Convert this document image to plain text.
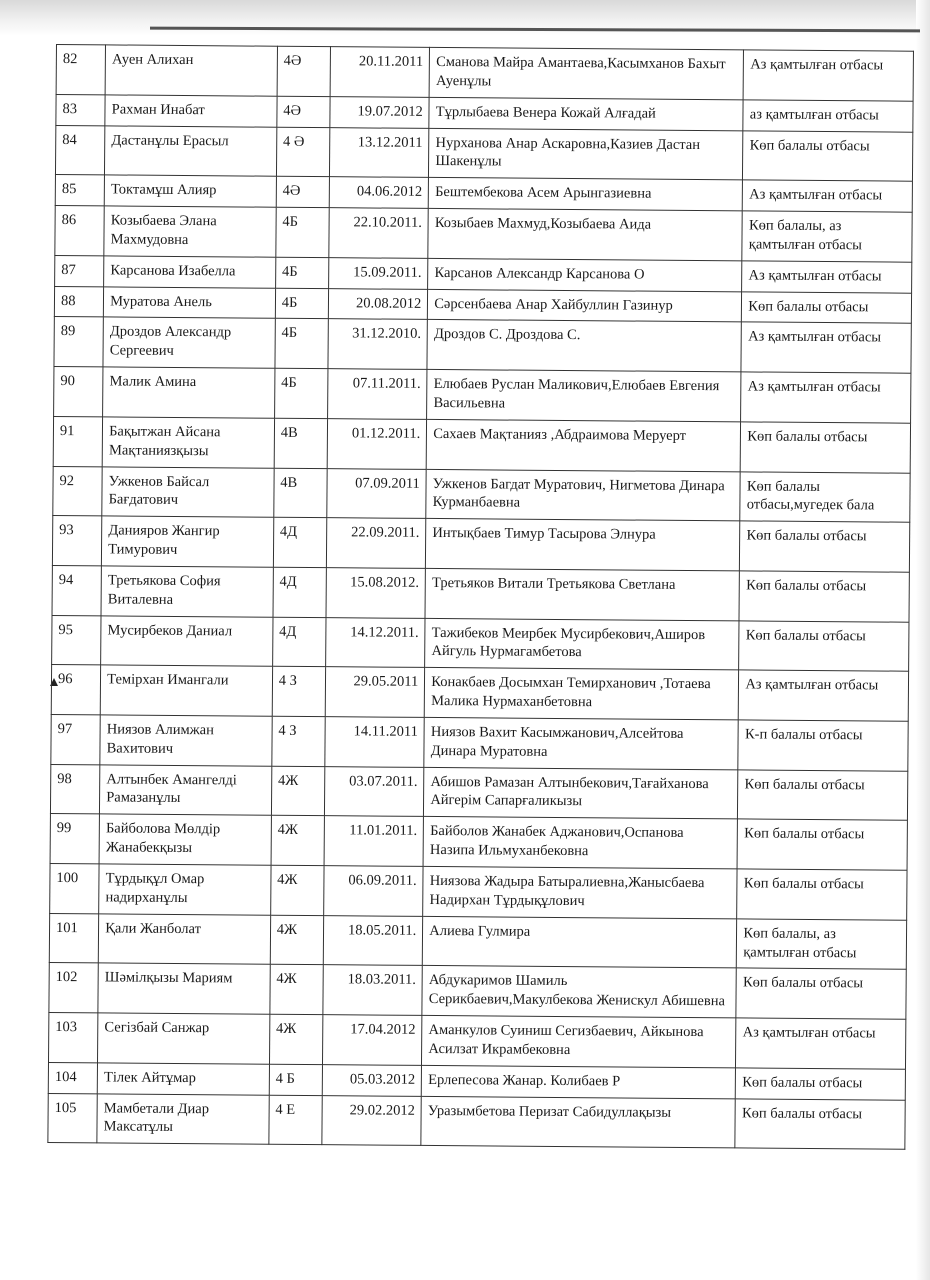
82	Ауен Алихан	4Ә	20.11.2011	Сманова Майра Амантаева,Касымханов Бахыт Ауенұлы	Аз қамтылған отбасы
83	Рахман Инабат	4Ә	19.07.2012	Тұрлыбаева Венера Кожай Алғадай	аз қамтылған отбасы
84	Дастанұлы Ерасыл	4 Ә	13.12.2011	Нурханова Анар Аскаровна,Казиев Дастан Шакенұлы	Көп балалы отбасы
85	Токтамұш Алияр	4Ә	04.06.2012	Бештембекова Асем Арынгазиевна	Аз қамтылған отбасы
86	Козыбаева Элана Махмудовна	4Б	22.10.2011.	Козыбаев Махмуд,Козыбаева Аида	Көп балалы, аз қамтылған отбасы
87	Карсанова Изабелла	4Б	15.09.2011.	Карсанов Александр Карсанова О	Аз қамтылған отбасы
88	Муратова Анель	4Б	20.08.2012	Сәрсенбаева Анар Хайбуллин Газинур	Көп балалы отбасы
89	Дроздов Александр Сергеевич	4Б	31.12.2010.	Дроздов С. Дроздова С.	Аз қамтылған отбасы
90	Малик Амина	4Б	07.11.2011.	Елюбаев Руслан Маликович,Елюбаев Евгения Васильевна	Аз қамтылған отбасы
91	Бақытжан Айсана Мақтаниязқызы	4В	01.12.2011.	Сахаев Мақтанияз ,Абдраимова Меруерт	Көп балалы отбасы
92	Ужкенов Байсал Бағдатович	4В	07.09.2011	Ужкенов Багдат Муратович, Нигметова Динара Курманбаевна	Көп балалы отбасы,мугедек бала
93	Данияров Жангир Тимурович	4Д	22.09.2011.	Интықбаев Тимур Тасырова Элнура	Көп балалы отбасы
94	Третьякова София Виталевна	4Д	15.08.2012.	Третьяков Витали Третьякова Светлана	Көп балалы отбасы
95	Мусирбеков Даниал	4Д	14.12.2011.	Тажибеков Меирбек Мусирбекович,Аширов Айгуль Нурмагамбетова	Көп балалы отбасы
96	Темірхан Имангали	4 З	29.05.2011	Конакбаев Досымхан Темирханович ,Тотаева Малика Нурмаханбетовна	Аз қамтылған отбасы
97	Ниязов Алимжан Вахитович	4 З	14.11.2011	Ниязов Вахит Касымжанович,Алсейтова Динара Муратовна	К-п балалы отбасы
98	Алтынбек Амангелді Рамазанұлы	4Ж	03.07.2011.	Абишов Рамазан Алтынбекович,Тағайханова Айгерім Сапарғаликызы	Көп балалы отбасы
99	Байболова Мөлдір Жанабекқызы	4Ж	11.01.2011.	Байболов Жанабек Аджанович,Оспанова Назипа Ильмуханбековна	Көп балалы отбасы
100	Тұрдықұл Омар надирханұлы	4Ж	06.09.2011.	Ниязова Жадыра Батыралиевна,Жаныcбаева Надирхан Тұрдықұлович	Көп балалы отбасы
101	Қали Жанболат	4Ж	18.05.2011.	Алиева Гулмира	Көп балалы, аз қамтылған отбасы
102	Шәмілқызы Мариям	4Ж	18.03.2011.	Абдукаримов Шамиль Серикбаевич,Макулбекова Женискул Абишевна	Көп балалы отбасы
103	Сегізбай Санжар	4Ж	17.04.2012	Аманкулов Суиниш Сегизбаевич, Айкынова Асилзат Икрамбековна	Аз қамтылған отбасы
104	Тілек Айтұмар	4 Б	05.03.2012	Ерлепесова Жанар. Колибаев Р	Көп балалы отбасы
105	Мамбетали Диар Максатұлы	4 Е	29.02.2012	Уразымбетова Перизат Сабидуллақызы	Көп балалы отбасы
